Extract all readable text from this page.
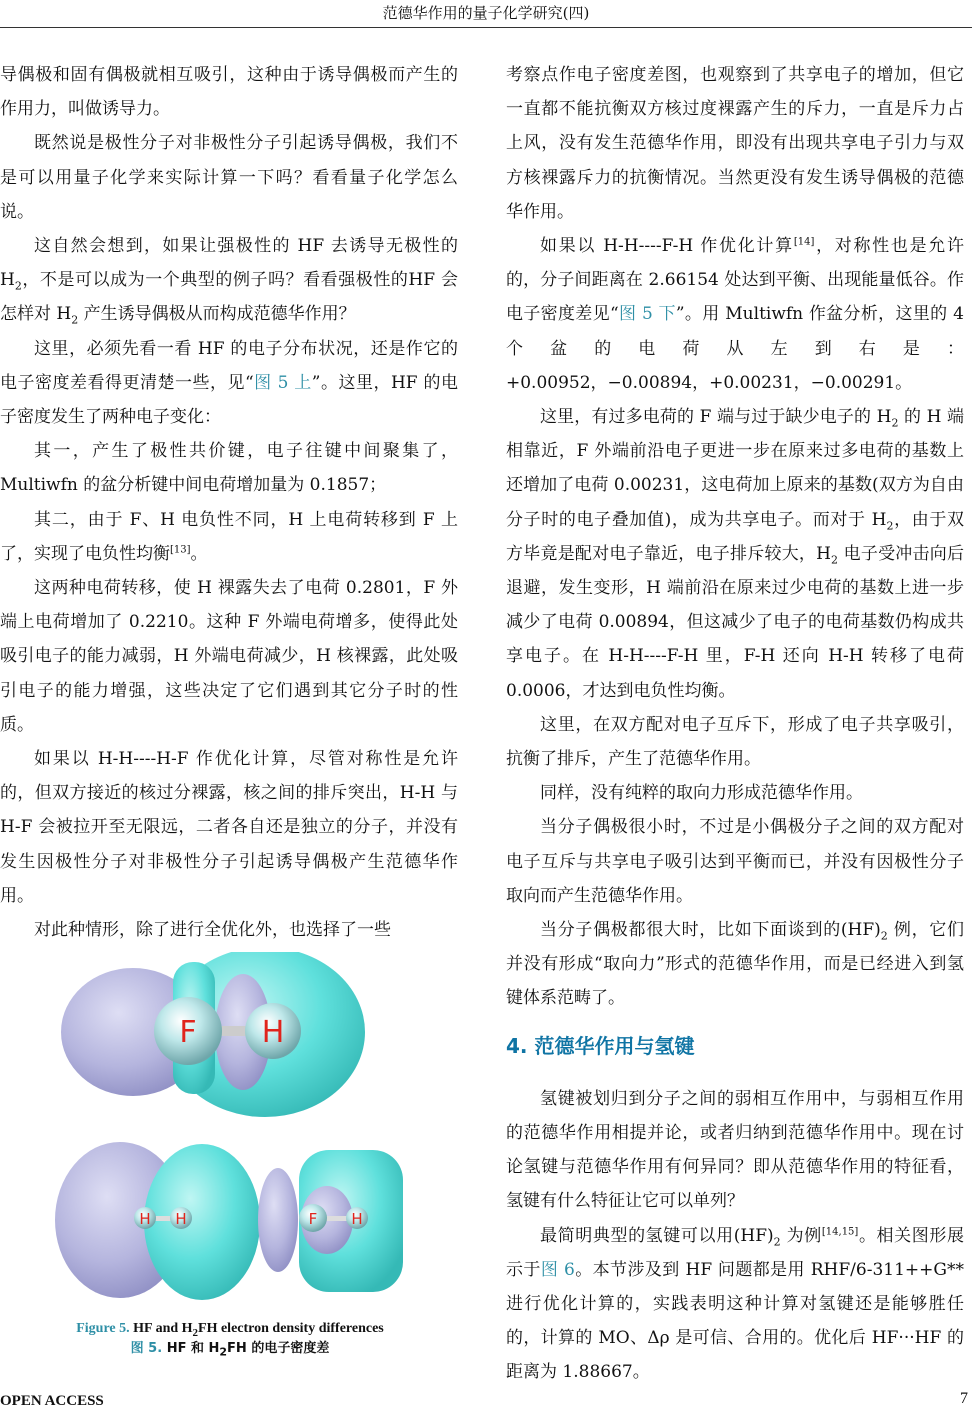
范德华作用的量子化学研究(四)

导偶极和固有偶极就相互吸引，这种由于诱导偶极而产生的作用力，叫做诱导力。

既然说是极性分子对非极性分子引起诱导偶极，我们不是可以用量子化学来实际计算一下吗？看看量子化学怎么说。

这自然会想到，如果让强极性的 HF 去诱导无极性的 $H_2$，不是可以成为一个典型的例子吗？看看强极性的HF 会怎样对 $H_2$ 产生诱导偶极从而构成范德华作用？

这里，必须先看一看 HF 的电子分布状况，还是作它的电子密度差看得更清楚一些，见“图 5 上”。这里，HF 的电子密度发生了两种电子变化：

其一，产生了极性共价键，电子往键中间聚集了，Multiwfn 的盆分析键中间电荷增加量为 0.1857；

其二，由于 F、H 电负性不同，H 上电荷转移到 F 上了，实现了电负性均衡[13]。

这两种电荷转移，使 H 裸露失去了电荷 0.2801，F 外端上电荷增加了 0.2210。这种 F 外端电荷增多，使得此处吸引电子的能力减弱，H 外端电荷减少，H 核裸露，此处吸引电子的能力增强，这些决定了它们遇到其它分子时的性质。

如果以 H-H----H-F 作优化计算，尽管对称性是允许的，但双方接近的核过分裸露，核之间的排斥突出，H-H 与 H-F 会被拉开至无限远，二者各自还是独立的分子，并没有发生因极性分子对非极性分子引起诱导偶极产生范德华作用。

对此种情形，除了进行全优化外，也选择了一些

F H
H H	F H
Figure 5. HF and $H_2FH$ electron density differences
图 5. HF 和 $H_2FH$ 的电子密度差

考察点作电子密度差图，也观察到了共享电子的增加，但它一直都不能抗衡双方核过度裸露产生的斥力，一直是斥力占上风，没有发生范德华作用，即没有出现共享电子引力与双方核裸露斥力的抗衡情况。当然更没有发生诱导偶极的范德华作用。

如果以 H-H----F-H 作优化计算[14]，对称性也是允许的，分子间距离在 2.66154 处达到平衡、出现能量低谷。作电子密度差见“图 5 下”。用 Multiwfn 作盆分析，这里的 4 个盆的电荷从左到右是：+0.00952，−0.00894，+0.00231，−0.00291。

这里，有过多电荷的 F 端与过于缺少电子的 $H_2$ 的 H 端相靠近，F 外端前沿电子更进一步在原来过多电荷的基数上还增加了电荷 0.00231，这电荷加上原来的基数(双方为自由分子时的电子叠加值)，成为共享电子。而对于 $H_2$，由于双方毕竟是配对电子靠近，电子排斥较大，$H_2$ 电子受冲击向后退避，发生变形，H 端前沿在原来过少电荷的基数上进一步减少了电荷 0.00894，但这减少了电子的电荷基数仍构成共享电子。在 H-H----F-H 里，F-H 还向 H-H 转移了电荷 0.0006，才达到电负性均衡。

这里，在双方配对电子互斥下，形成了电子共享吸引，抗衡了排斥，产生了范德华作用。

同样，没有纯粹的取向力形成范德华作用。

当分子偶极很小时，不过是小偶极分子之间的双方配对电子互斥与共享电子吸引达到平衡而已，并没有因极性分子取向而产生范德华作用。

当分子偶极都很大时，比如下面谈到的$(HF)_2$ 例，它们并没有形成“取向力”形式的范德华作用，而是已经进入到氢键体系范畴了。

4. 范德华作用与氢键

氢键被划归到分子之间的弱相互作用中，与弱相互作用的范德华作用相提并论，或者归纳到范德华作用中。现在讨论氢键与范德华作用有何异同？即从范德华作用的特征看，氢键有什么特征让它可以单列？

最简明典型的氢键可以用$(HF)_2$ 为例[14,15]。相关图形展示于图 6。本节涉及到 HF 问题都是用 RHF/6-311++G**进行优化计算的，实践表明这种计算对氢键还是能够胜任的，计算的 MO、Δρ 是可信、合用的。优化后 HF···HF 的距离为 1.88667。

OPEN ACCESS	7
